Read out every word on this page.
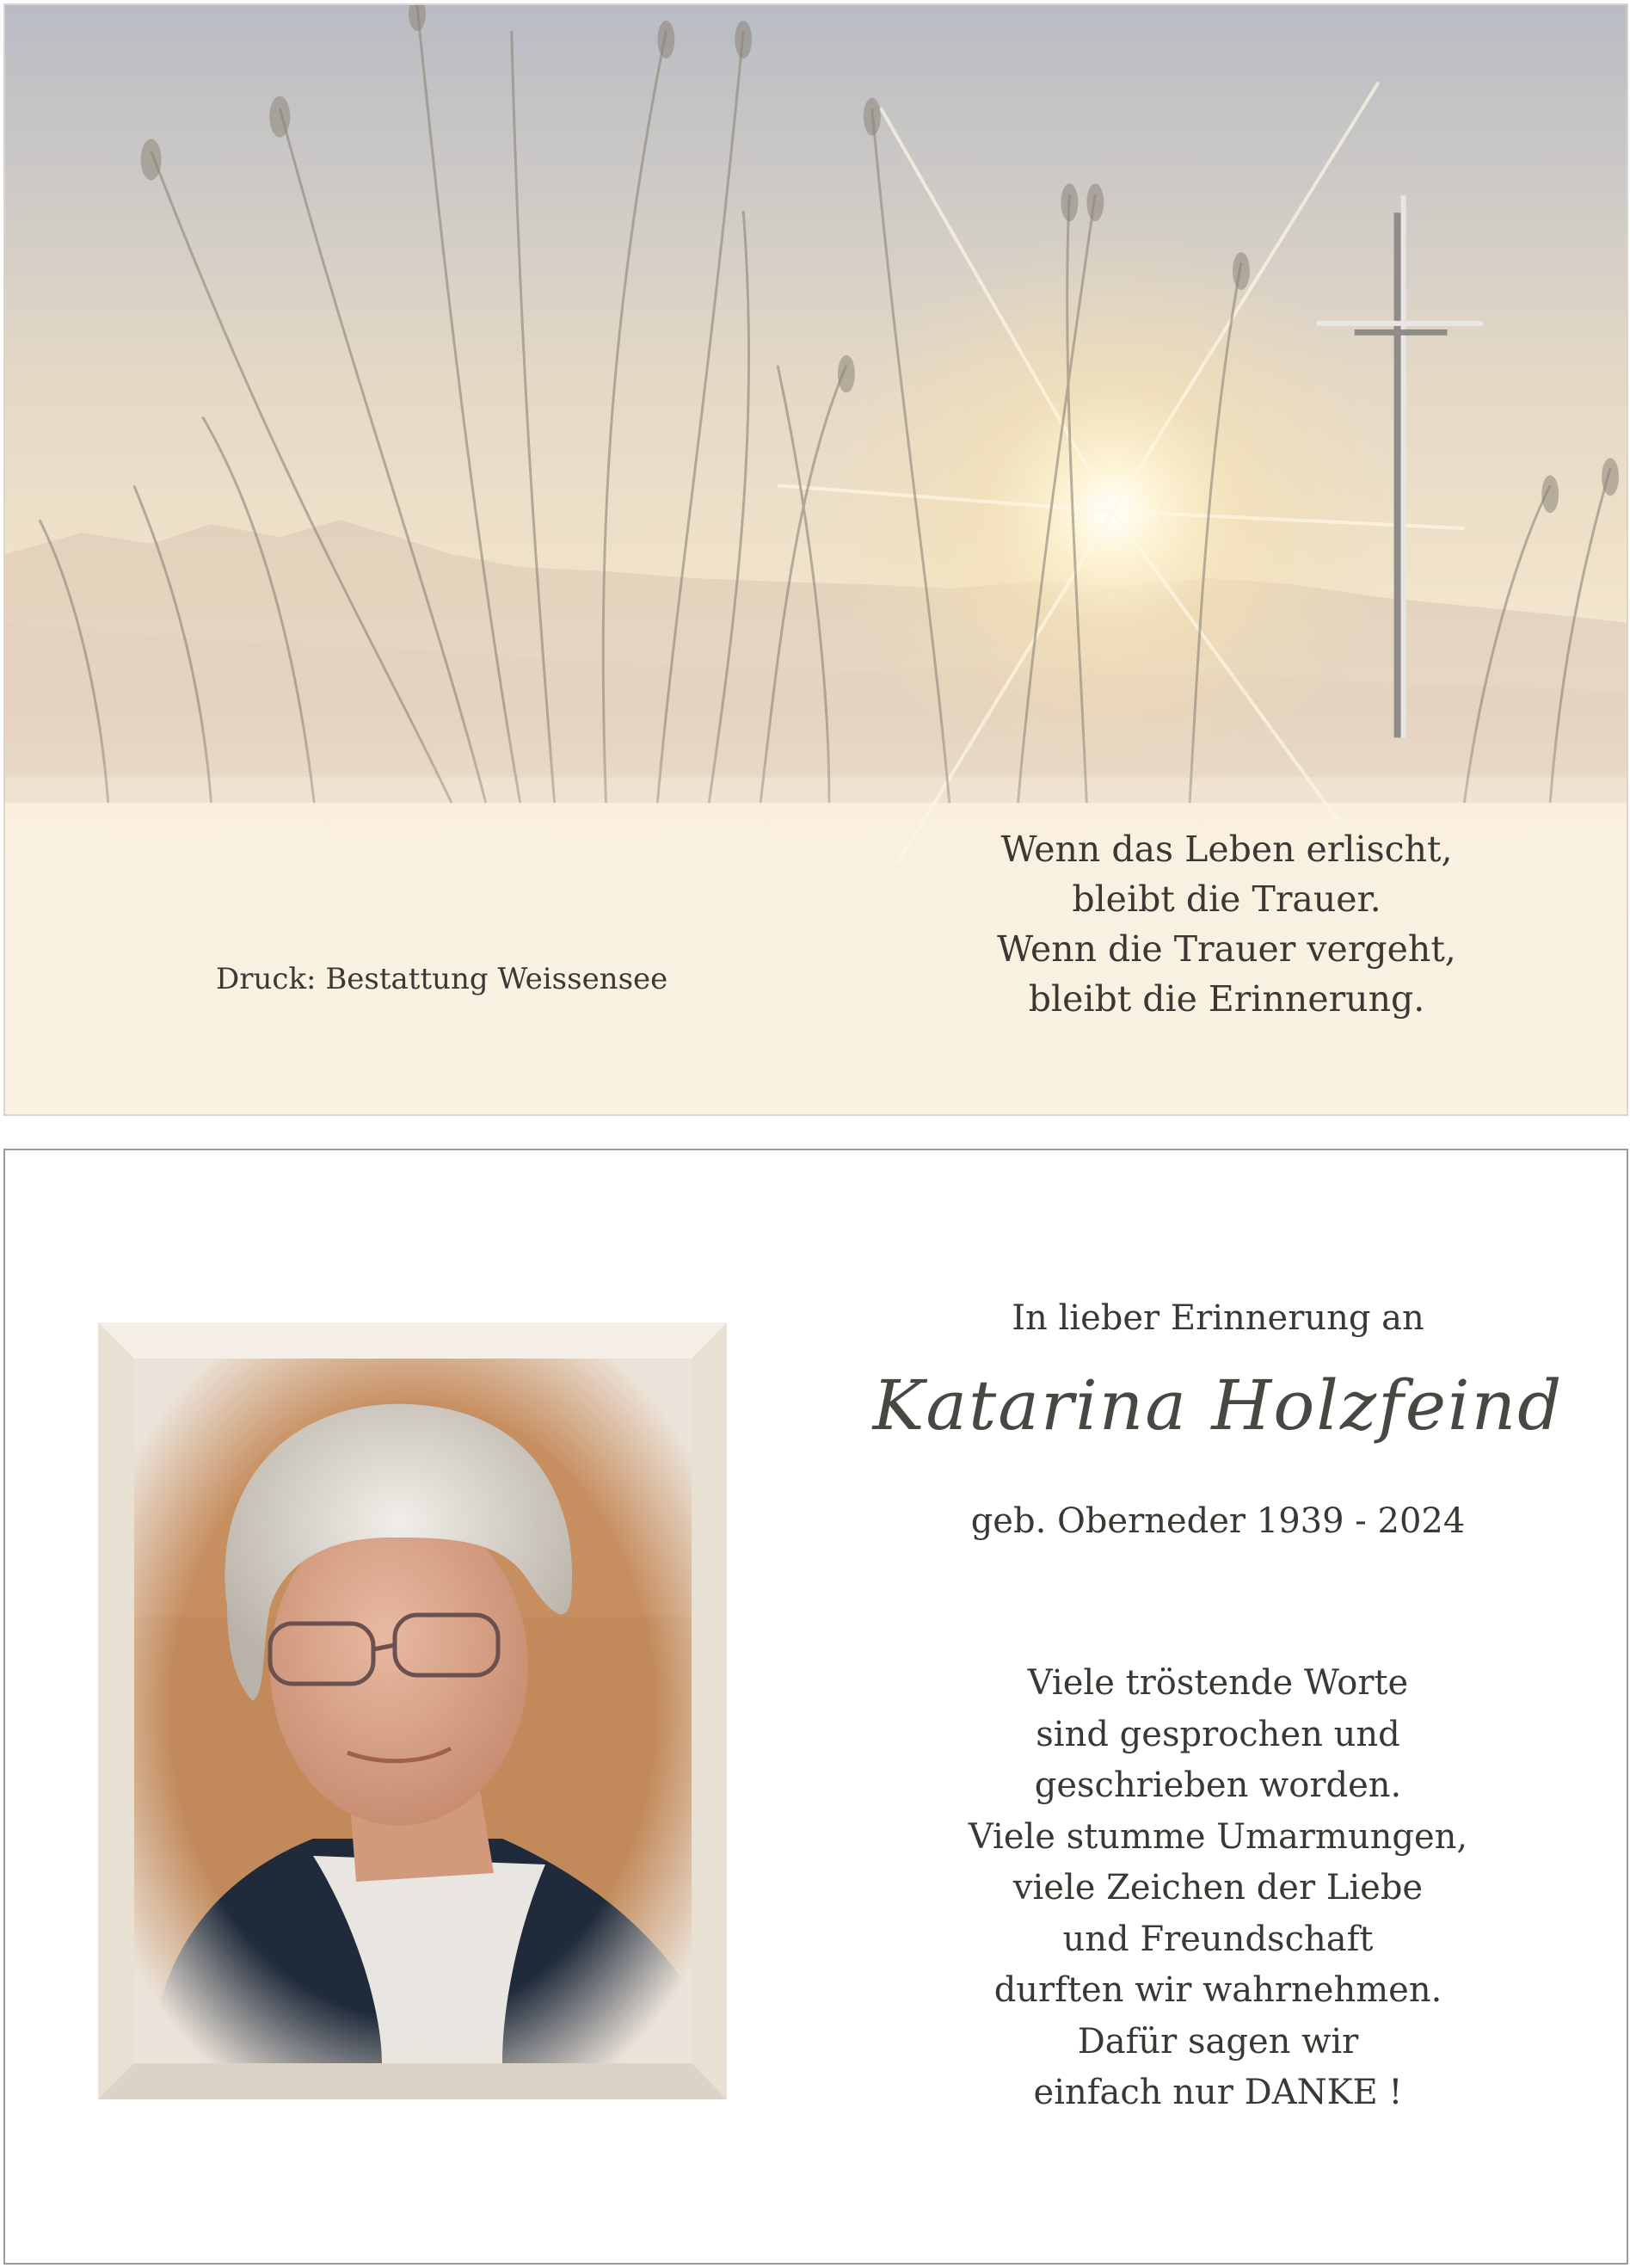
Wenn das Leben erlischt,
bleibt die Trauer.
Wenn die Trauer vergeht,
bleibt die Erinnerung.

Druck: Bestattung Weissensee
In lieber Erinnerung an
Katarina Holzfeind
geb. Oberneder 1939 - 2024

Viele tröstende Worte
sind gesprochen und
geschrieben worden.
Viele stumme Umarmungen,
viele Zeichen der Liebe
und Freundschaft
durften wir wahrnehmen.
Dafür sagen wir
einfach nur DANKE !
